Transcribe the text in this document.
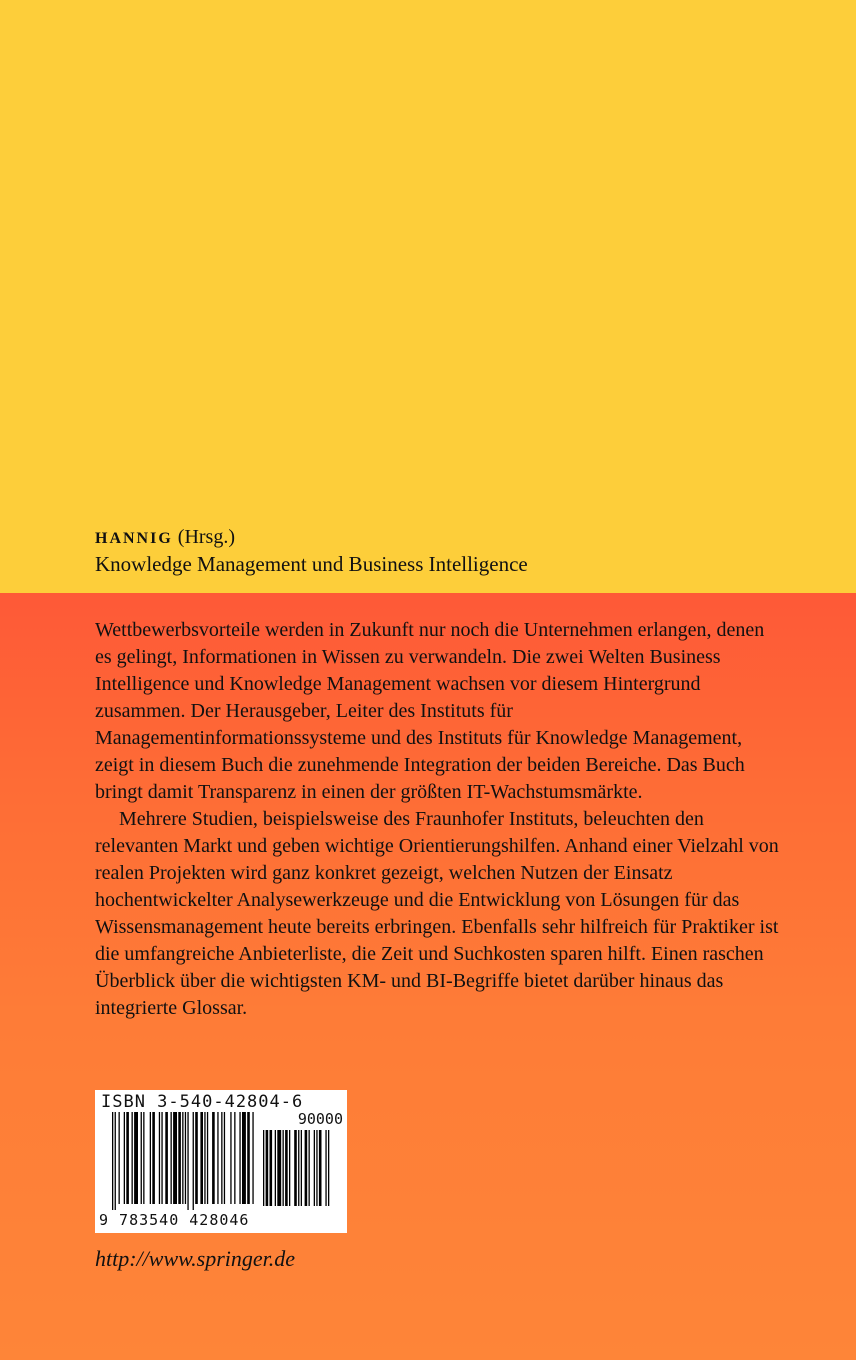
HANNIG (Hrsg.)

Knowledge Management und Business Intelligence

Wettbewerbsvorteile werden in Zukunft nur noch die Unternehmen erlangen, denen es gelingt, Informationen in Wissen zu verwandeln. Die zwei Welten Business Intelligence und Knowledge Management wachsen vor diesem Hintergrund zusammen. Der Herausgeber, Leiter des Instituts für Managementinformationssysteme und des Instituts für Knowledge Management, zeigt in diesem Buch die zunehmende Integration der beiden Bereiche. Das Buch bringt damit Transparenz in einen der größten IT-Wachstumsmärkte.

Mehrere Studien, beispielsweise des Fraunhofer Instituts, beleuchten den relevanten Markt und geben wichtige Orientierungshilfen. Anhand einer Vielzahl von realen Projekten wird ganz konkret gezeigt, welchen Nutzen der Einsatz hochentwickelter Analysewerkzeuge und die Entwicklung von Lösungen für das Wissensmanagement heute bereits erbringen. Ebenfalls sehr hilfreich für Praktiker ist die umfangreiche Anbieterliste, die Zeit und Suchkosten sparen hilft. Einen raschen Überblick über die wichtigsten KM- und BI-Begriffe bietet darüber hinaus das integrierte Glossar.

ISBN 3-540-42804-6

90000

9 783540 428046

http://www.springer.de
